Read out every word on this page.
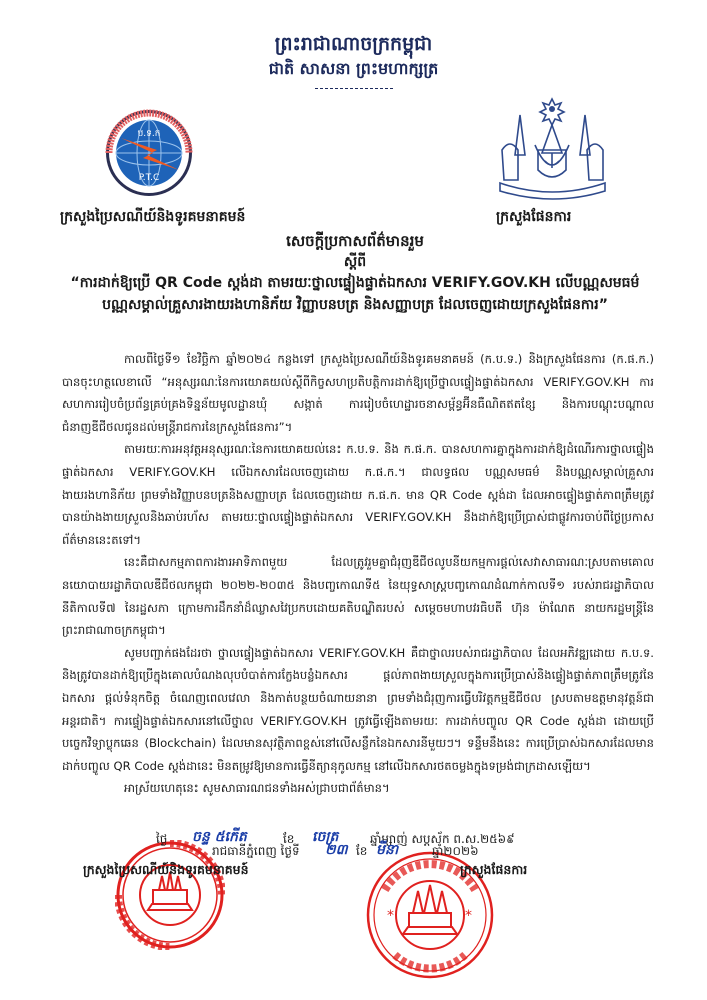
ព្រះរាជាណាចក្រកម្ពុជា
ជាតិ សាសនា ព្រះមហាក្សត្រ
ប.ទ.ក
P.T.C
ក្រសួងប្រៃសណីយ៍និងទូរគមនាគមន៍	ក្រសួងផែនការ
សេចក្តីប្រកាសព័ត៌មានរួម
ស្តីពី
“ការដាក់ឱ្យប្រើ QR Code ស្តង់ដា តាមរយៈថ្នាលផ្ទៀងផ្ទាត់ឯកសារ VERIFY.GOV.KH លើបណ្ណសមធម៌ បណ្ណសម្គាល់គ្រួសារងាយរងហានិភ័យ វិញ្ញាបនបត្រ និងសញ្ញាបត្រ ដែលចេញដោយក្រសួងផែនការ”

កាលពីថ្ងៃទី១ ខែវិច្ឆិកា ឆ្នាំ២០២៤ កន្លងទៅ ក្រសួងប្រៃសណីយ៍និងទូរគមនាគមន៍ (ក.ប.ទ.) និងក្រសួងផែនការ (ក.ផ.ក.) បានចុះហត្ថលេខាលើ “អនុស្សរណៈនៃការយោគយល់ស្តីពីកិច្ចសហប្រតិបត្តិការដាក់ឱ្យប្រើថ្នាលផ្ទៀងផ្ទាត់ឯកសារ VERIFY.GOV.KH ការសហការរៀបចំប្រព័ន្ធគ្រប់គ្រងទិន្នន័យមូលដ្ឋានឃុំ សង្កាត់ ការរៀបចំហេដ្ឋារចនាសម្ព័ន្ធអ៊ីនធឺណិតឥតខ្សែ និងការបណ្តុះបណ្តាលជំនាញឌីជីថលជូនដល់មន្ត្រីរាជការនៃក្រសួងផែនការ”។

តាមរយៈការអនុវត្តអនុស្សរណៈនៃការយោគយល់នេះ ក.ប.ទ. និង ក.ផ.ក. បានសហការគ្នាក្នុងការដាក់ឱ្យដំណើរការថ្នាលផ្ទៀងផ្ទាត់ឯកសារ VERIFY.GOV.KH លើឯកសារដែលចេញដោយ ក.ផ.ក.។ ជាលទ្ធផល បណ្ណសមធម៌ និងបណ្ណសម្គាល់គ្រួសារងាយរងហានិភ័យ ព្រមទាំងវិញ្ញាបនបត្រនិងសញ្ញាបត្រ ដែលចេញដោយ ក.ផ.ក. មាន QR Code ស្តង់ដា ដែលអាចផ្ទៀងផ្ទាត់ភាពត្រឹមត្រូវបានយ៉ាងងាយស្រួលនិងឆាប់រហ័ស តាមរយៈថ្នាលផ្ទៀងផ្ទាត់ឯកសារ VERIFY.GOV.KH នឹងដាក់ឱ្យប្រើប្រាស់ជាផ្លូវការចាប់ពីថ្ងៃប្រកាសព័ត៌មាននេះតទៅ។

នេះគឺជាសកម្មភាពការងារអាទិភាពមួយ ដែលត្រូវរួមគ្នាជំរុញឌីជីថលូបនីយកម្មការផ្តល់សេវាសាធារណៈស្របតាមគោលនយោបាយរដ្ឋាភិបាលឌីជីថលកម្ពុជា ២០២២-២០៣៥ និងបញ្ចកោណទី៥ នៃយុទ្ធសាស្ត្របញ្ចកោណដំណាក់កាលទី១ របស់រាជរដ្ឋាភិបាល នីតិកាលទី៧ នៃរដ្ឋសភា ក្រោមការដឹកនាំដ៏ឈ្លាសវៃប្រកបដោយគតិបណ្ឌិតរបស់ សម្តេចមហាបវរធិបតី ហ៊ុន ម៉ាណែត នាយករដ្ឋមន្ត្រីនៃព្រះរាជាណាចក្រកម្ពុជា។

សូមបញ្ជាក់ផងដែរថា ថ្នាលផ្ទៀងផ្ទាត់ឯកសារ VERIFY.GOV.KH គឺជាថ្នាលរបស់រាជរដ្ឋាភិបាល ដែលអភិវឌ្ឍដោយ ក.ប.ទ. និងត្រូវបានដាក់ឱ្យប្រើក្នុងគោលបំណងលុបបំបាត់ការក្លែងបន្លំឯកសារ ផ្តល់ភាពងាយស្រួលក្នុងការប្រើប្រាស់និងផ្ទៀងផ្ទាត់ភាពត្រឹមត្រូវនៃឯកសារ ផ្តល់ទំនុកចិត្ត ចំណេញពេលវេលា និងកាត់បន្ថយចំណាយនានា ព្រមទាំងជំរុញការធ្វើបរិវត្តកម្មឌីជីថល ស្របតាមឧត្តមានុវត្តន៍ជាអន្តរជាតិ។ ការផ្ទៀងផ្ទាត់ឯកសារនៅលើថ្នាល VERIFY.GOV.KH ត្រូវធ្វើឡើងតាមរយៈ ការដាក់បញ្ចូល QR Code ស្តង់ដា ដោយប្រើបច្ចេកវិទ្យាប្លុកឆេន (Blockchain) ដែលមានសុវត្ថិភាពខ្ពស់នៅលើសន្លឹកនៃឯកសារនីមួយៗ។ ទន្ទឹមនឹងនេះ ការប្រើប្រាស់ឯកសារដែលមានដាក់បញ្ចូល QR Code ស្តង់ដានេះ មិនតម្រូវឱ្យមានការធ្វើនីត្យានុកូលកម្ម នៅលើឯកសារថតចម្លងក្នុងទម្រង់ជាក្រដាសឡើយ។

អាស្រ័យហេតុនេះ សូមសាធារណជនទាំងអស់ជ្រាបជាព័ត៌មាន។

*	*
ថ្ងៃ ចន្ទ ៥កើត	ខែ ចេត្រ	ឆ្នាំម្សាញ់ សប្តស័ក ព.ស.២៥៦៩
រាជធានីភ្នំពេញ ថ្ងៃទី ២៣ ខែ មីនា	ឆ្នាំ២០២៦
ក្រសួងប្រៃសណីយ៍និងទូរគមនាគមន៍	ក្រសួងផែនការ
